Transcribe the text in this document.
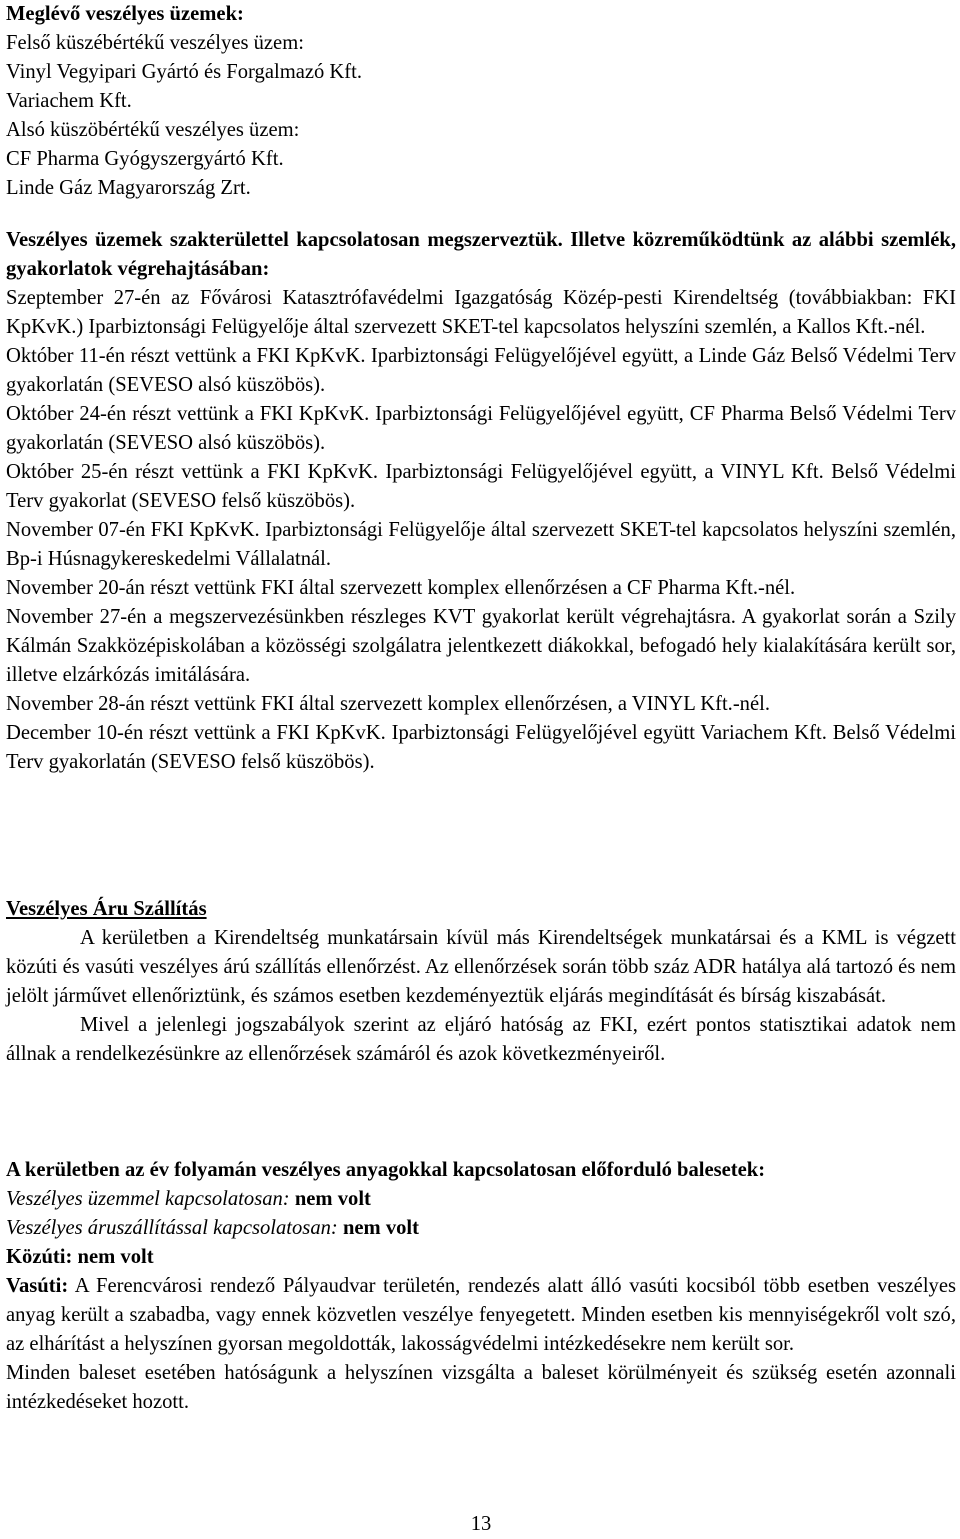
Meglévő veszélyes üzemek:

Felső küszébértékű veszélyes üzem:

Vinyl Vegyipari Gyártó és Forgalmazó Kft.

Variachem Kft.

Alsó küszöbértékű veszélyes üzem:

CF Pharma Gyógyszergyártó Kft.

Linde Gáz Magyarország Zrt.

Veszélyes üzemek szakterülettel kapcsolatosan megszerveztük. Illetve közreműködtünk az alábbi szemlék, gyakorlatok végrehajtásában:

Szeptember 27-én az Fővárosi Katasztrófavédelmi Igazgatóság Közép-pesti Kirendeltség (továbbiakban: FKI KpKvK.) Iparbiztonsági Felügyelője által szervezett SKET-tel kapcsolatos helyszíni szemlén, a Kallos Kft.-nél.

Október 11-én részt vettünk a FKI KpKvK. Iparbiztonsági Felügyelőjével együtt, a Linde Gáz Belső Védelmi Terv gyakorlatán (SEVESO alsó küszöbös).

Október 24-én részt vettünk a FKI KpKvK. Iparbiztonsági Felügyelőjével együtt, CF Pharma Belső Védelmi Terv gyakorlatán (SEVESO alsó küszöbös).

Október 25-én részt vettünk a FKI KpKvK. Iparbiztonsági Felügyelőjével együtt, a VINYL Kft. Belső Védelmi Terv gyakorlat (SEVESO felső küszöbös).

November 07-én FKI KpKvK. Iparbiztonsági Felügyelője által szervezett SKET-tel kapcsolatos helyszíni szemlén, Bp-i Húsnagykereskedelmi Vállalatnál.

November 20-án részt vettünk FKI által szervezett komplex ellenőrzésen a CF Pharma Kft.-nél.

November 27-én a megszervezésünkben részleges KVT gyakorlat került végrehajtásra. A gyakorlat során a Szily Kálmán Szakközépiskolában a közösségi szolgálatra jelentkezett diákokkal, befogadó hely kialakítására került sor, illetve elzárkózás imitálására.

November 28-án részt vettünk FKI által szervezett komplex ellenőrzésen, a VINYL Kft.-nél.

December 10-én részt vettünk a FKI KpKvK. Iparbiztonsági Felügyelőjével együtt Variachem Kft. Belső Védelmi Terv gyakorlatán (SEVESO felső küszöbös).

Veszélyes Áru Szállítás

A kerületben a Kirendeltség munkatársain kívül más Kirendeltségek munkatársai és a KML is végzett közúti és vasúti veszélyes árú szállítás ellenőrzést. Az ellenőrzések során több száz ADR hatálya alá tartozó és nem jelölt járművet ellenőriztünk, és számos esetben kezdeményeztük eljárás megindítását és bírság kiszabását.

Mivel a jelenlegi jogszabályok szerint az eljáró hatóság az FKI, ezért pontos statisztikai adatok nem állnak a rendelkezésünkre az ellenőrzések számáról és azok következményeiről.

A kerületben az év folyamán veszélyes anyagokkal kapcsolatosan előforduló balesetek:

Veszélyes üzemmel kapcsolatosan: nem volt

Veszélyes áruszállítással kapcsolatosan: nem volt

Közúti: nem volt

Vasúti: A Ferencvárosi rendező Pályaudvar területén, rendezés alatt álló vasúti kocsiból több esetben veszélyes anyag került a szabadba, vagy ennek közvetlen veszélye fenyegetett. Minden esetben kis mennyiségekről volt szó, az elhárítást a helyszínen gyorsan megoldották, lakosságvédelmi intézkedésekre nem került sor.

Minden baleset esetében hatóságunk a helyszínen vizsgálta a baleset körülményeit és szükség esetén azonnali intézkedéseket hozott.

13
